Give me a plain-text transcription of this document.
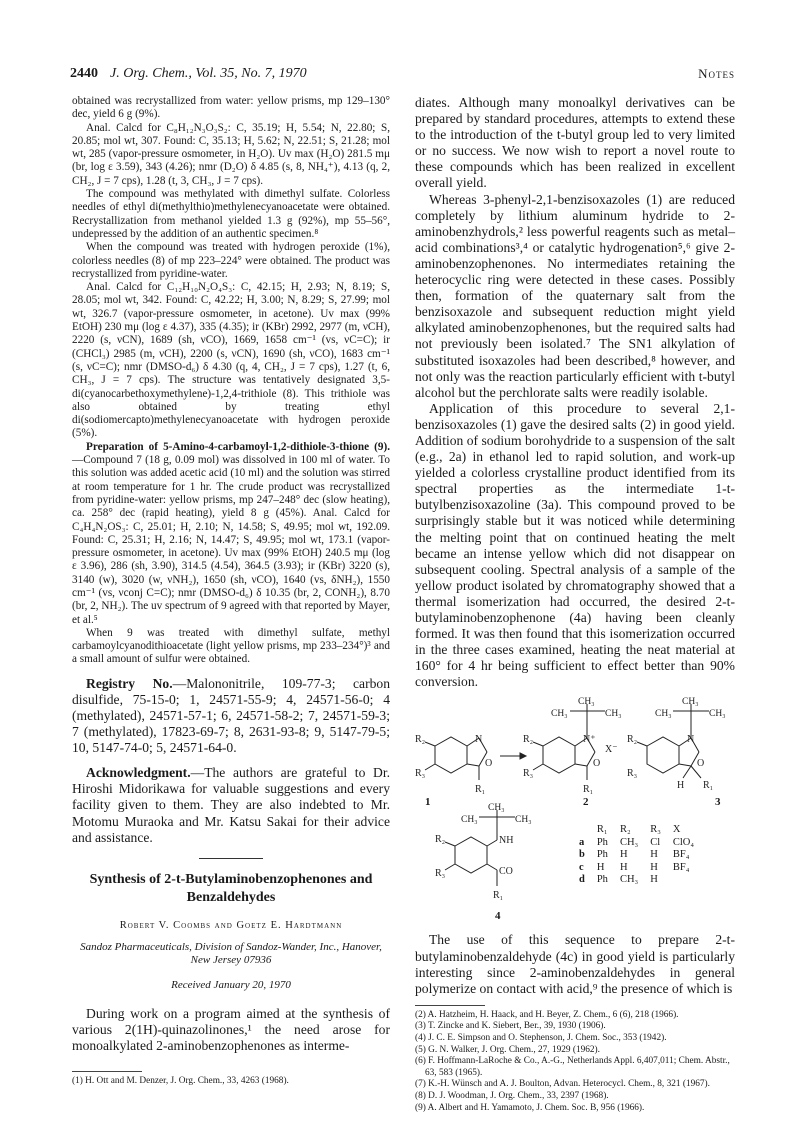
2440 J. Org. Chem., Vol. 35, No. 7, 1970	Notes

obtained was recrystallized from water: yellow prisms, mp 129–130° dec, yield 6 g (9%).

Anal. Calcd for C₈H₁₂N₃O₃S₂: C, 35.19; H, 5.54; N, 22.80; S, 20.85; mol wt, 307. Found: C, 35.13; H, 5.62; N, 22.51; S, 21.28; mol wt, 285 (vapor-pressure osmometer, in H₂O). Uv max (H₂O) 281.5 mμ (br, log ε 3.59), 343 (4.26); nmr (D₂O) δ 4.85 (s, 8, NH₄⁺), 4.13 (q, 2, CH₂, J = 7 cps), 1.28 (t, 3, CH₃, J = 7 cps).

The compound was methylated with dimethyl sulfate. Colorless needles of ethyl di(methylthio)methylenecyanoacetate were obtained. Recrystallization from methanol yielded 1.3 g (92%), mp 55–56°, undepressed by the addition of an authentic specimen.⁸

When the compound was treated with hydrogen peroxide (1%), colorless needles (8) of mp 223–224° were obtained. The product was recrystallized from pyridine-water.

Anal. Calcd for C₁₂H₁₀N₂O₄S₃: C, 42.15; H, 2.93; N, 8.19; S, 28.05; mol wt, 342. Found: C, 42.22; H, 3.00; N, 8.29; S, 27.99; mol wt, 326.7 (vapor-pressure osmometer, in acetone). Uv max (99% EtOH) 230 mμ (log ε 4.37), 335 (4.35); ir (KBr) 2992, 2977 (m, νCH), 2220 (s, νCN), 1689 (sh, νCO), 1669, 1658 cm⁻¹ (vs, νC=C); ir (CHCl₃) 2985 (m, νCH), 2200 (s, νCN), 1690 (sh, νCO), 1683 cm⁻¹ (s, νC=C); nmr (DMSO-d₆) δ 4.30 (q, 4, CH₂, J = 7 cps), 1.27 (t, 6, CH₃, J = 7 cps). The structure was tentatively designated 3,5-di(cyanocarbethoxymethylene)-1,2,4-trithiole (8). This trithiole was also obtained by treating ethyl di(sodiomercapto)methylenecyanoacetate with hydrogen peroxide (5%).

Preparation of 5-Amino-4-carbamoyl-1,2-dithiole-3-thione (9).—Compound 7 (18 g, 0.09 mol) was dissolved in 100 ml of water. To this solution was added acetic acid (10 ml) and the solution was stirred at room temperature for 1 hr. The crude product was recrystallized from pyridine-water: yellow prisms, mp 247–248° dec (slow heating), ca. 258° dec (rapid heating), yield 8 g (45%). Anal. Calcd for C₄H₄N₂OS₃: C, 25.01; H, 2.10; N, 14.58; S, 49.95; mol wt, 192.09. Found: C, 25.31; H, 2.16; N, 14.47; S, 49.95; mol wt, 173.1 (vapor-pressure osmometer, in acetone). Uv max (99% EtOH) 240.5 mμ (log ε 3.96), 286 (sh, 3.90), 314.5 (4.54), 364.5 (3.93); ir (KBr) 3220 (s), 3140 (w), 3020 (w, νNH₂), 1650 (sh, νCO), 1640 (vs, δNH₂), 1550 cm⁻¹ (vs, νconj C=C); nmr (DMSO-d₆) δ 10.35 (br, 2, CONH₂), 8.70 (br, 2, NH₂). The uv spectrum of 9 agreed with that reported by Mayer, et al.⁵

When 9 was treated with dimethyl sulfate, methyl carbamoylcyanodithioacetate (light yellow prisms, mp 233–234°)³ and a small amount of sulfur were obtained.

Registry No.—Malononitrile, 109-77-3; carbon disulfide, 75-15-0; 1, 24571-55-9; 4, 24571-56-0; 4 (methylated), 24571-57-1; 6, 24571-58-2; 7, 24571-59-3; 7 (methylated), 17823-69-7; 8, 2631-93-8; 9, 5147-79-5; 10, 5147-74-0; 5, 24571-64-0.

Acknowledgment.—The authors are grateful to Dr. Hiroshi Midorikawa for valuable suggestions and every facility given to them. They are also indebted to Mr. Motomu Muraoka and Mr. Katsu Sakai for their advice and assistance.

Synthesis of 2-t-Butylaminobenzophenones and Benzaldehydes
Robert V. Coombs and Goetz E. Hardtmann
Sandoz Pharmaceuticals, Division of Sandoz-Wander, Inc., Hanover, New Jersey 07936
Received January 20, 1970

During work on a program aimed at the synthesis of various 2(1H)-quinazolinones,¹ the need arose for monoalkylated 2-aminobenzophenones as interme-

(1) H. Ott and M. Denzer, J. Org. Chem., 33, 4263 (1968).

diates. Although many monoalkyl derivatives can be prepared by standard procedures, attempts to extend these to the introduction of the t-butyl group led to very limited or no success. We now wish to report a novel route to these compounds which has been realized in excellent overall yield.

Whereas 3-phenyl-2,1-benzisoxazoles (1) are reduced completely by lithium aluminum hydride to 2-aminobenzhydrols,² less powerful reagents such as metal–acid combinations³,⁴ or catalytic hydrogenation⁵,⁶ give 2-aminobenzophenones. No intermediates retaining the heterocyclic ring were detected in these cases. Possibly then, formation of the quaternary salt from the benzisoxazole and subsequent reduction might yield alkylated aminobenzophenones, but the required salts had not previously been isolated.⁷ The SN1 alkylation of substituted isoxazoles had been described,⁸ however, and not only was the reaction particularly efficient with t-butyl alcohol but the perchlorate salts were readily isolable.

Application of this procedure to several 2,1-benzisoxazoles (1) gave the desired salts (2) in good yield. Addition of sodium borohydride to a suspension of the salt (e.g., 2a) in ethanol led to rapid solution, and work-up yielded a colorless crystalline product identified from its spectral properties as the intermediate 1-t-butylbenzisoxazoline (3a). This compound proved to be surprisingly stable but it was noticed while determining the melting point that on continued heating the melt became an intense yellow which did not disappear on subsequent cooling. Spectral analysis of a sample of the yellow product isolated by chromatography showed that a thermal isomerization had occurred, the desired 2-t-butylaminobenzophenone (4a) having been cleanly formed. It was then found that this isomerization occurred in the three cases examined, heating the neat material at 160° for 4 hr being sufficient to effect better than 90% conversion.

R₂
R₃
N
O
R₁
R₂
R₃
N⁺
O
R₁
R₂
R₃
N
O
H R₁
R₂
R₃
NH
CO
R₁
CH₃
CH₃	CH₃
CH₃
CH₃	CH₃
CH₃
CH₃	CH₃
X⁻
1	2	3
4
	R₁	R₂	R₃	X
a	Ph	CH₃	Cl	ClO₄
b	Ph	H	H	BF₄
c	H	H	H	BF₄
d	Ph	CH₃	H	

The use of this sequence to prepare 2-t-butylaminobenzaldehyde (4c) in good yield is particularly interesting since 2-aminobenzaldehydes in general polymerize on contact with acid,⁹ the presence of which is

(2) A. Hatzheim, H. Haack, and H. Beyer, Z. Chem., 6 (6), 218 (1966).

(3) T. Zincke and K. Siebert, Ber., 39, 1930 (1906).

(4) J. C. E. Simpson and O. Stephenson, J. Chem. Soc., 353 (1942).

(5) G. N. Walker, J. Org. Chem., 27, 1929 (1962).

(6) F. Hoffmann-LaRoche & Co., A.-G., Netherlands Appl. 6,407,011; Chem. Abstr., 63, 583 (1965).

(7) K.-H. Wünsch and A. J. Boulton, Advan. Heterocycl. Chem., 8, 321 (1967).

(8) D. J. Woodman, J. Org. Chem., 33, 2397 (1968).

(9) A. Albert and H. Yamamoto, J. Chem. Soc. B, 956 (1966).
